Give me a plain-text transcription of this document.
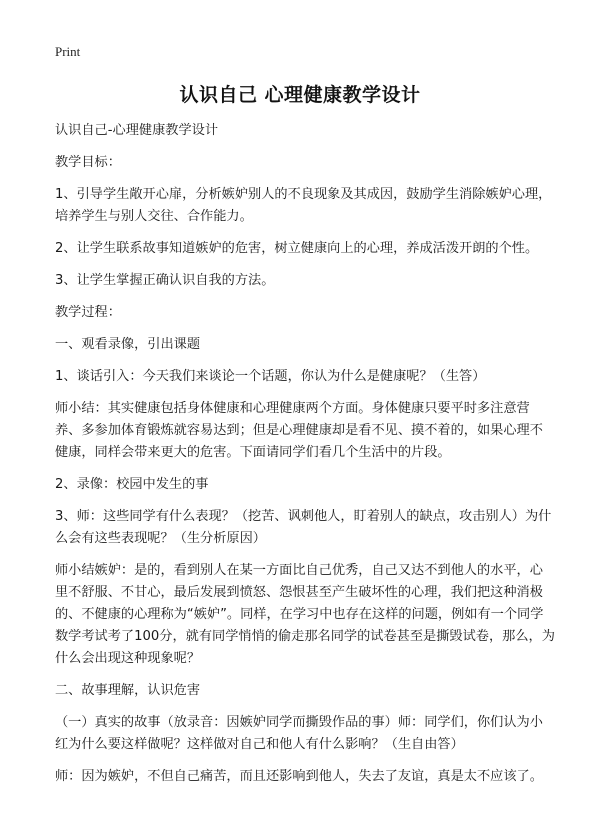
Print
认识自己 心理健康教学设计

认识自己-心理健康教学设计

教学目标：

1、引导学生敞开心扉，分析嫉妒别人的不良现象及其成因，鼓励学生消除嫉妒心理，培养学生与别人交往、合作能力。

2、让学生联系故事知道嫉妒的危害，树立健康向上的心理，养成活泼开朗的个性。

3、让学生掌握正确认识自我的方法。

教学过程：

一、观看录像，引出课题

1、谈话引入：今天我们来谈论一个话题，你认为什么是健康呢？（生答）

师小结：其实健康包括身体健康和心理健康两个方面。身体健康只要平时多注意营养、多参加体育锻炼就容易达到；但是心理健康却是看不见、摸不着的，如果心理不健康，同样会带来更大的危害。下面请同学们看几个生活中的片段。

2、录像：校园中发生的事

3、师：这些同学有什么表现？（挖苦、讽刺他人，盯着别人的缺点，攻击别人）为什么会有这些表现呢？（生分析原因）

师小结嫉妒：是的，看到别人在某一方面比自己优秀，自己又达不到他人的水平，心里不舒服、不甘心，最后发展到愤怒、怨恨甚至产生破坏性的心理，我们把这种消极的、不健康的心理称为“嫉妒”。同样，在学习中也存在这样的问题，例如有一个同学数学考试考了100分，就有同学悄悄的偷走那名同学的试卷甚至是撕毁试卷，那么，为什么会出现这种现象呢？

二、故事理解，认识危害

（一）真实的故事（放录音：因嫉妒同学而撕毁作品的事）师：同学们，你们认为小红为什么要这样做呢？这样做对自己和他人有什么影响？（生自由答）

师：因为嫉妒，不但自己痛苦，而且还影响到他人，失去了友谊，真是太不应该了。
